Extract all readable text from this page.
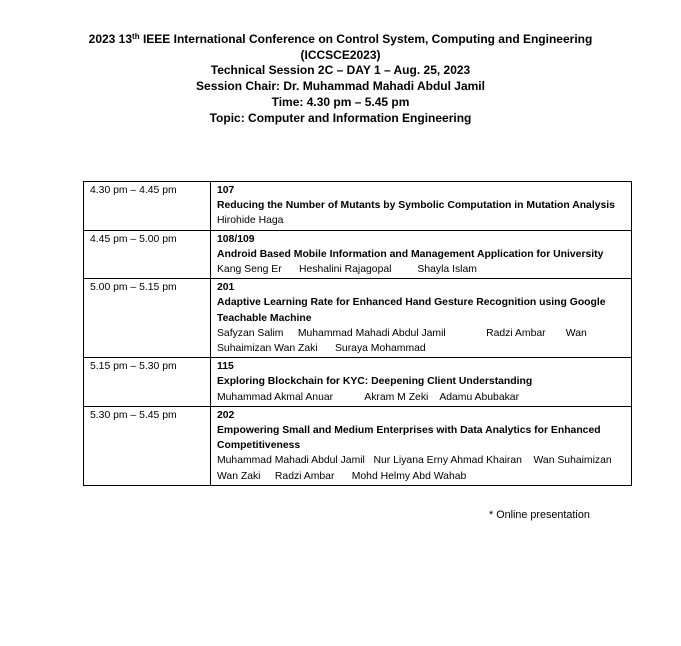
2023 13th IEEE International Conference on Control System, Computing and Engineering
(ICCSCE2023)
Technical Session 2C – DAY 1 – Aug. 25, 2023
Session Chair: Dr. Muhammad Mahadi Abdul Jamil
Time: 4.30 pm – 5.45 pm
Topic: Computer and Information Engineering
4.30 pm – 4.45 pm	107
Reducing the Number of Mutants by Symbolic Computation in Mutation Analysis
Hirohide Haga
4.45 pm – 5.00 pm	108/109
Android Based Mobile Information and Management Application for University
Kang Seng Er      Heshalini Rajagopal         Shayla Islam
5.00 pm – 5.15 pm	201
Adaptive Learning Rate for Enhanced Hand Gesture Recognition using Google Teachable Machine
Safyzan Salim     Muhammad Mahadi Abdul Jamil              Radzi Ambar       Wan Suhaimizan Wan Zaki      Suraya Mohammad
5.15 pm – 5.30 pm	115
Exploring Blockchain for KYC: Deepening Client Understanding
Muhammad Akmal Anuar           Akram M Zeki    Adamu Abubakar
5.30 pm – 5.45 pm	202
Empowering Small and Medium Enterprises with Data Analytics for Enhanced Competitiveness
Muhammad Mahadi Abdul Jamil   Nur Liyana Erny Ahmad Khairan    Wan Suhaimizan Wan Zaki     Radzi Ambar      Mohd Helmy Abd Wahab
* Online presentation
